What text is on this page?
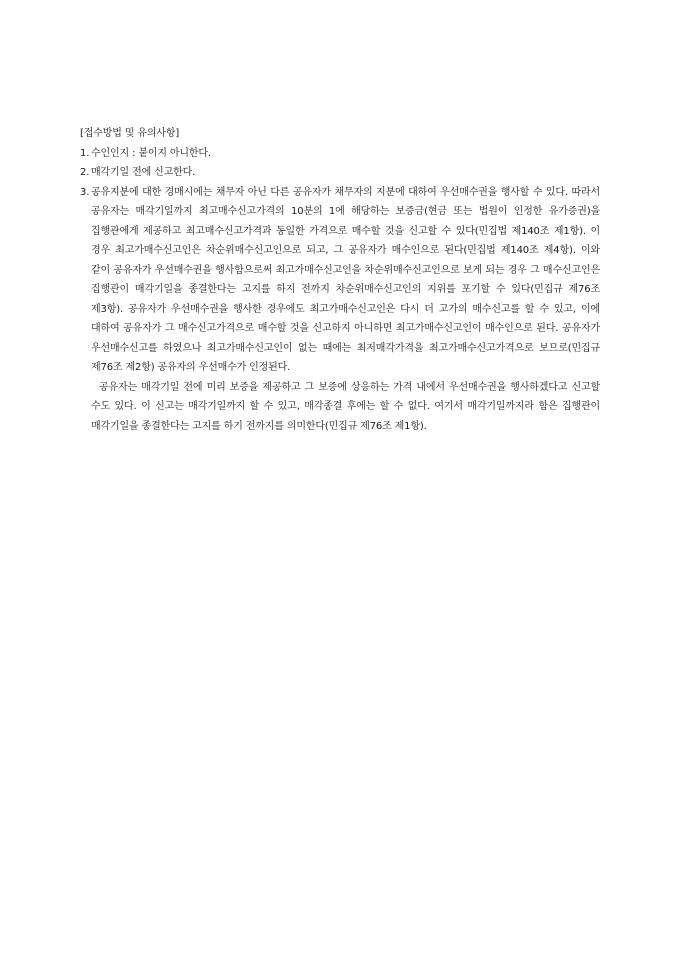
[접수방법 및 유의사항]
1. 수인인지 : 붙이지 아니한다.
2. 매각기일 전에 신고한다.
3. 공유지분에 대한 경매시에는 채무자 아닌 다른 공유자가 채무자의 지분에 대하여 우선매수권을 행사할 수 있다. 따라서 공유자는 매각기일까지 최고매수신고가격의 10분의 1에 해당하는 보증금(현금 또는 법원이 인정한 유가증권)을 집행관에게 제공하고 최고매수신고가격과 동일한 가격으로 매수할 것을 신고할 수 있다(민집법 제140조 제1항). 이 경우 최고가매수신고인은 차순위매수신고인으로 되고, 그 공유자가 매수인으로 된다(민집법 제140조 제4항). 이와 같이 공유자가 우선매수권을 행사함으로써 최고가매수신고인을 차순위매수신고인으로 보게 되는 경우 그 매수신고인은 집행관이 매각기일을 종결한다는 고지를 하지 전까지 차순위매수신고인의 지위를 포기할 수 있다(민집규 제76조 제3항). 공유자가 우선매수권을 행사한 경우에도 최고가매수신고인은 다시 더 고가의 매수신고를 할 수 있고, 이에 대하여 공유자가 그 매수신고가격으로 매수할 것을 신고하지 아니하면 최고가매수신고인이 매수인으로 된다. 공유자가 우선매수신고를 하였으나 최고가매수신고인이 없는 때에는 최저매각가격을 최고가매수신고가격으로 보므로(민집규 제76조 제2항) 공유자의 우선매수가 인정된다.
공유자는 매각기일 전에 미리 보증을 제공하고 그 보증에 상응하는 가격 내에서 우선매수권을 행사하겠다고 신고할 수도 있다. 이 신고는 매각기일까지 할 수 있고, 매각종결 후에는 할 수 없다. 여기서 매각기일까지라 함은 집행관이 매각기일을 종결한다는 고지를 하기 전까지를 의미한다(민집규 제76조 제1항).
